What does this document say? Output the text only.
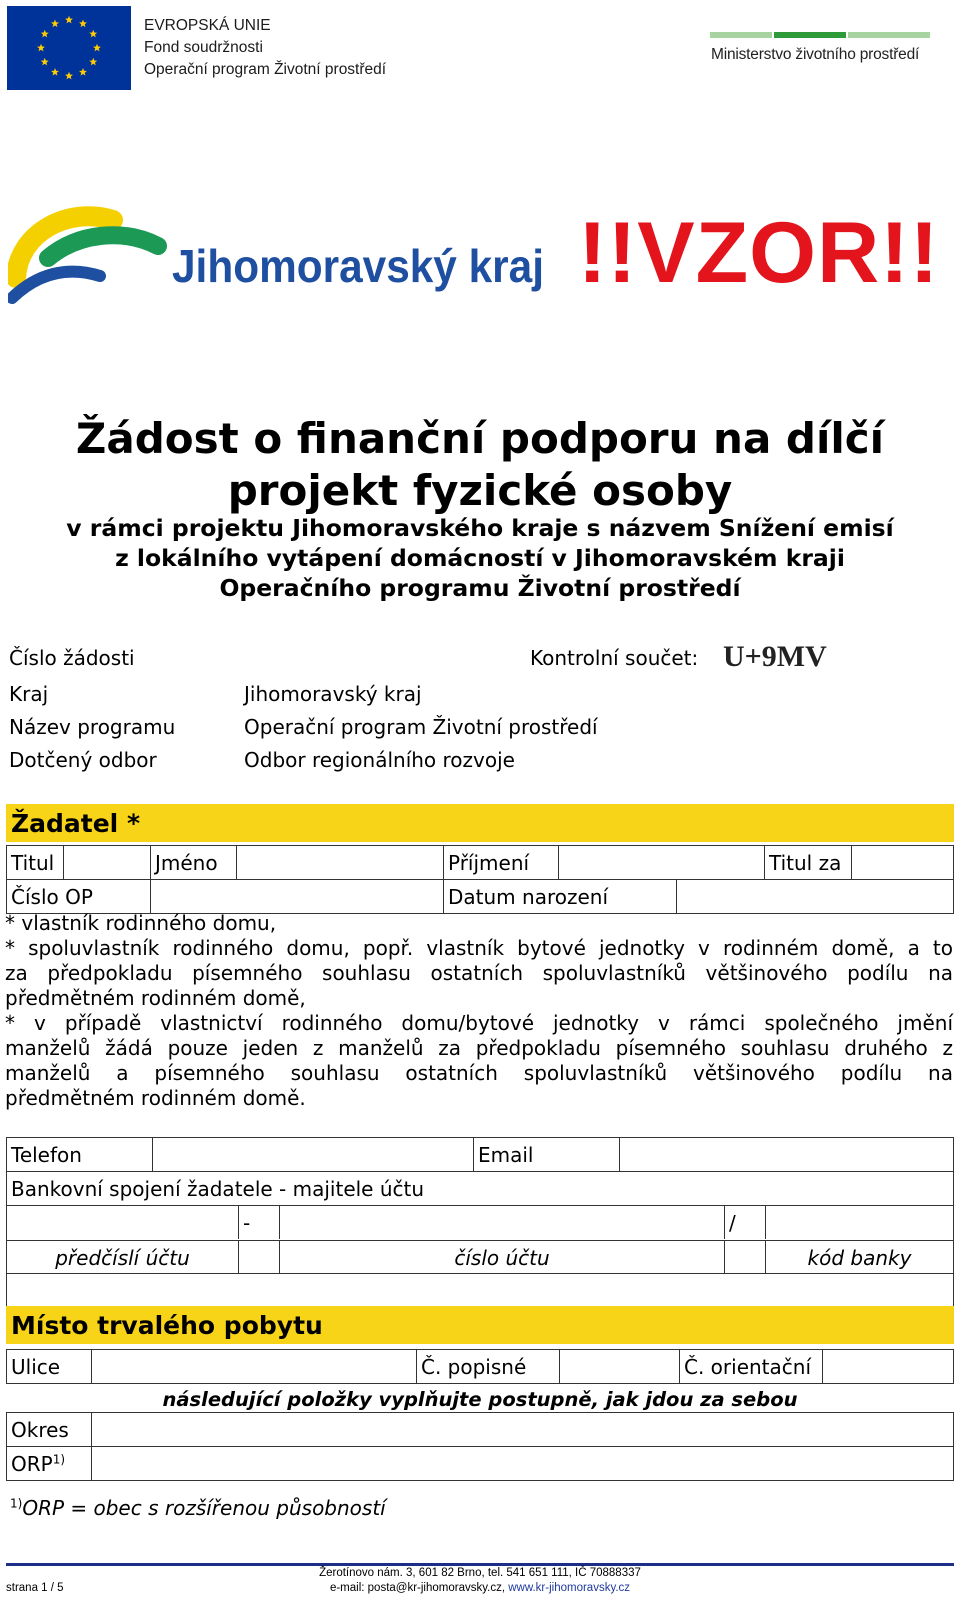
EVROPSKÁ UNIE
Fond soudržnosti
Operační program Životní prostředí
Ministerstvo životního prostředí
Jihomoravský kraj !!VZOR!!
Žádost o finanční podporu na dílčí
projekt fyzické osoby
v rámci projektu Jihomoravského kraje s názvem Snížení emisí
z lokálního vytápení domácností v Jihomoravském kraji
Operačního programu Životní prostředí
Číslo žádosti	Kontrolní součet: U+9MV
Kraj	Jihomoravský kraj
Název programu	Operační program Životní prostředí
Dotčený odbor	Odbor regionálního rozvoje
Žadatel *
Titul	Jméno	Příjmení	Titul za
Číslo OP	Datum narození
* vlastník rodinného domu,
* spoluvlastník rodinného domu, popř. vlastník bytové jednotky v rodinném domě, a to
za předpokladu písemného souhlasu ostatních spoluvlastníků většinového podílu na
předmětném rodinném domě,
* v případě vlastnictví rodinného domu/bytové jednotky v rámci společného jmění
manželů žádá pouze jeden z manželů za předpokladu písemného souhlasu druhého z
manželů a písemného souhlasu ostatních spoluvlastníků většinového podílu na
předmětném rodinném domě.
Telefon	Email
Bankovní spojení žadatele - majitele účtu
-	/
předčíslí účtu	číslo účtu	kód banky
Místo trvalého pobytu
Ulice	Č. popisné	Č. orientační
následující položky vyplňujte postupně, jak jdou za sebou
Okres
ORP$^{1)}$
$^{1)}$ORP = obec s rozšířenou působností
strana 1 / 5
Žerotínovo nám. 3, 601 82 Brno, tel. 541 651 111, IČ 70888337
e-mail: posta@kr-jihomoravsky.cz, www.kr-jihomoravsky.cz
